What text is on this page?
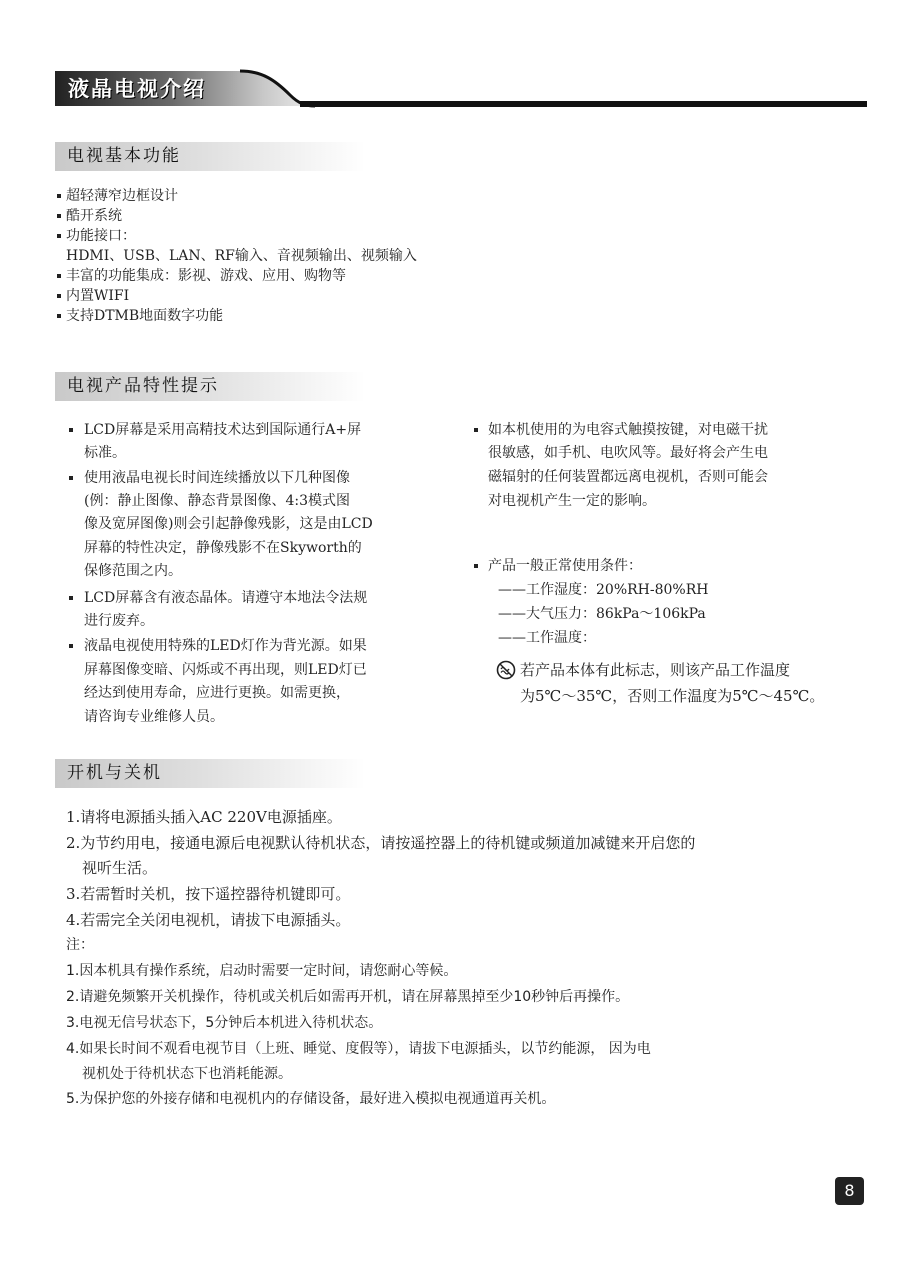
液晶电视介绍
电视基本功能
超轻薄窄边框设计
酷开系统
功能接口：
HDMI、USB、LAN、RF输入、音视频输出、视频输入
丰富的功能集成：影视、游戏、应用、购物等
内置WIFI
支持DTMB地面数字功能
电视产品特性提示
LCD屏幕是采用高精技术达到国际通行A+屏
标准。
使用液晶电视长时间连续播放以下几种图像
(例：静止图像、静态背景图像、4:3模式图
像及宽屏图像)则会引起静像残影，这是由LCD
屏幕的特性决定，静像残影不在Skyworth的
保修范围之内。
LCD屏幕含有液态晶体。请遵守本地法令法规
进行废弃。
液晶电视使用特殊的LED灯作为背光源。如果
屏幕图像变暗、闪烁或不再出现，则LED灯已
经达到使用寿命，应进行更换。如需更换，
请咨询专业维修人员。
如本机使用的为电容式触摸按键，对电磁干扰
很敏感，如手机、电吹风等。最好将会产生电
磁辐射的任何装置都远离电视机，否则可能会
对电视机产生一定的影响。
产品一般正常使用条件：
——工作湿度：20%RH-80%RH
——大气压力：86kPa～106kPa
——工作温度：
若产品本体有此标志，则该产品工作温度
为5℃～35℃，否则工作温度为5℃～45℃。
开机与关机
1.请将电源插头插入AC 220V电源插座。
2.为节约用电，接通电源后电视默认待机状态，请按遥控器上的待机键或频道加减键来开启您的
视听生活。
3.若需暂时关机，按下遥控器待机键即可。
4.若需完全关闭电视机，请拔下电源插头。
注：
1.因本机具有操作系统，启动时需要一定时间，请您耐心等候。
2.请避免频繁开关机操作，待机或关机后如需再开机，请在屏幕黑掉至少10秒钟后再操作。
3.电视无信号状态下，5分钟后本机进入待机状态。
4.如果长时间不观看电视节目（上班、睡觉、度假等），请拔下电源插头，以节约能源， 因为电
视机处于待机状态下也消耗能源。
5.为保护您的外接存储和电视机内的存储设备，最好进入模拟电视通道再关机。
8
